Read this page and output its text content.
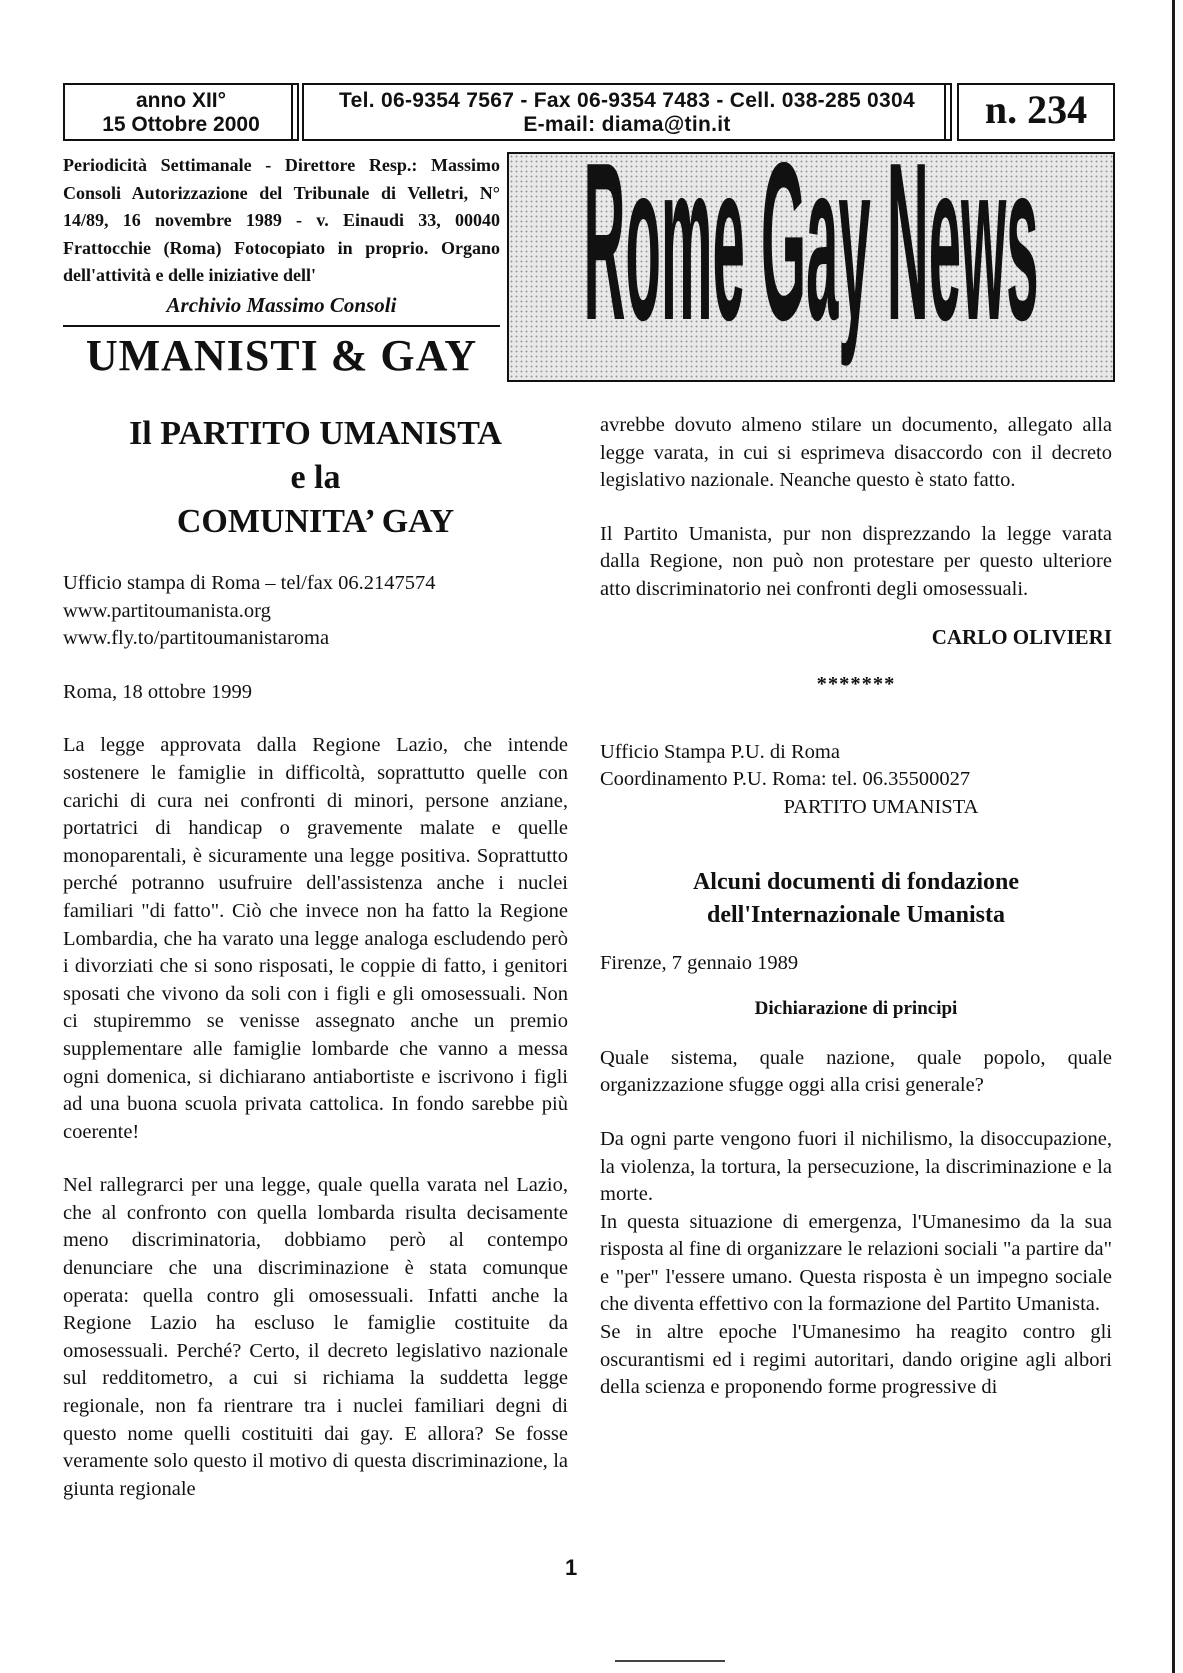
anno XII°
15 Ottobre 2000
Tel. 06-9354 7567 - Fax 06-9354 7483 - Cell. 038-285 0304
E-mail: diama@tin.it	n. 234
Periodicità Settimanale - Direttore Resp.: Massimo Consoli Autorizzazione del Tribunale di Velletri, N° 14/89, 16 novembre 1989 - v. Einaudi 33, 00040 Frattocchie (Roma) Fotocopiato in proprio. Organo dell'attività e delle iniziative dell'
Archivio Massimo Consoli
UMANISTI & GAY Rome Gay News
Il PARTITO UMANISTA
e la
COMUNITA’ GAY
Ufficio stampa di Roma – tel/fax 06.2147574
www.partitoumanista.org
www.fly.to/partitoumanistaroma
Roma, 18 ottobre 1999
La legge approvata dalla Regione Lazio, che intende sostenere le famiglie in difficoltà, soprattutto quelle con carichi di cura nei confronti di minori, persone anziane, portatrici di handicap o gravemente malate e quelle monoparentali, è sicuramente una legge positiva. Soprattutto perché potranno usufruire dell'assistenza anche i nuclei familiari "di fatto". Ciò che invece non ha fatto la Regione Lombardia, che ha varato una legge analoga escludendo però i divorziati che si sono risposati, le coppie di fatto, i genitori sposati che vivono da soli con i figli e gli omosessuali. Non ci stupiremmo se venisse assegnato anche un premio supplementare alle famiglie lombarde che vanno a messa ogni domenica, si dichiarano antiabortiste e iscrivono i figli ad una buona scuola privata cattolica. In fondo sarebbe più coerente!
Nel rallegrarci per una legge, quale quella varata nel Lazio, che al confronto con quella lombarda risulta decisamente meno discriminatoria, dobbiamo però al contempo denunciare che una discriminazione è stata comunque operata: quella contro gli omosessuali. Infatti anche la Regione Lazio ha escluso le famiglie costituite da omosessuali. Perché? Certo, il decreto legislativo nazionale sul redditometro, a cui si richiama la suddetta legge regionale, non fa rientrare tra i nuclei familiari degni di questo nome quelli costituiti dai gay. E allora? Se fosse veramente solo questo il motivo di questa discriminazione, la giunta regionale
avrebbe dovuto almeno stilare un documento, allegato alla legge varata, in cui si esprimeva disaccordo con il decreto legislativo nazionale. Neanche questo è stato fatto.
Il Partito Umanista, pur non disprezzando la legge varata dalla Regione, non può non protestare per questo ulteriore atto discriminatorio nei confronti degli omosessuali.
CARLO OLIVIERI
*******
Ufficio Stampa P.U. di Roma
Coordinamento P.U. Roma: tel. 06.35500027
PARTITO UMANISTA
Alcuni documenti di fondazione
dell'Internazionale Umanista
Firenze, 7 gennaio 1989
Dichiarazione di principi
Quale sistema, quale nazione, quale popolo, quale organizzazione sfugge oggi alla crisi generale?
Da ogni parte vengono fuori il nichilismo, la disoccupazione, la violenza, la tortura, la persecuzione, la discriminazione e la morte.
In questa situazione di emergenza, l'Umanesimo da la sua risposta al fine di organizzare le relazioni sociali "a partire da" e "per" l'essere umano. Questa risposta è un impegno sociale che diventa effettivo con la formazione del Partito Umanista.
Se in altre epoche l'Umanesimo ha reagito contro gli oscurantismi ed i regimi autoritari, dando origine agli albori della scienza e proponendo forme progressive di
1
